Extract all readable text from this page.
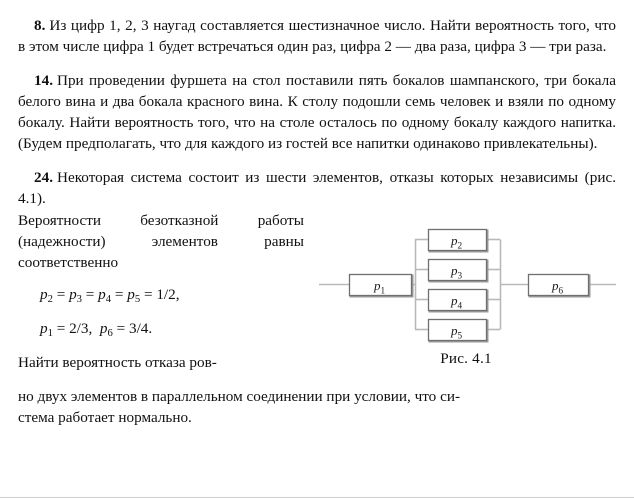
8. Из цифр 1, 2, 3 наугад составляется шестизначное число. Найти вероятность того, что в этом числе цифра 1 будет встречаться один раз, цифра 2 — два раза, цифра 3 — три раза.

14. При проведении фуршета на стол поставили пять бокалов шампанского, три бокала белого вина и два бокала красного вина. К столу подошли семь человек и взяли по одному бокалу. Найти вероятность того, что на столе осталось по одному бокалу каждого напитка. (Будем предполагать, что для каждого из гостей все напитки одинаково привлекательны).

24. Некоторая система состоит из шести элементов, отказы которых независимы (рис. 4.1).

$p_1$
$p_2$
$p_3$
$p_4$
$p_5$
$p_6$
Рис. 4.1

Вероятности безотказной работы (надежности) элементов равны соответственно

$p_2 = p_3 = p_4 = p_5 = 1/2$,
$p_1 = 2/3$, $p_6 = 3/4$.

Найти вероятность отказа ров-

но двух элементов в параллельном соединении при условии, что си-

стема работает нормально.
